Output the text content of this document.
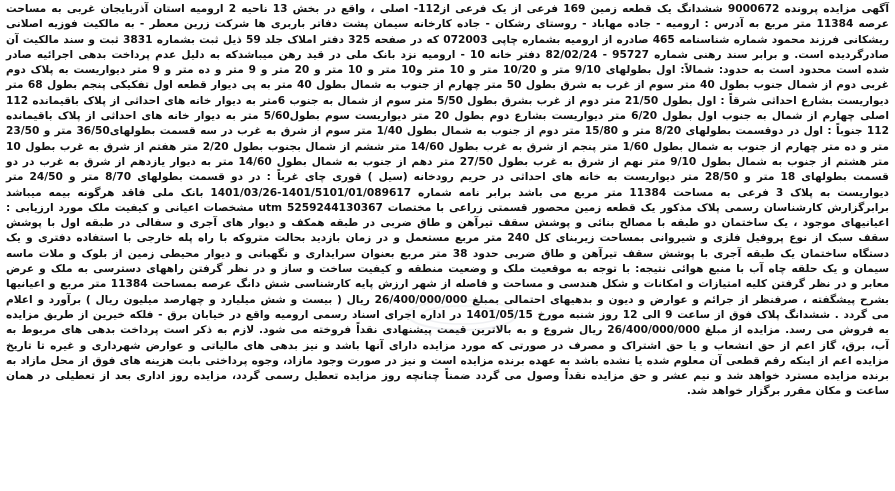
آگهی مزایده پرونده 9000672 ششدانگ یک قطعه زمین 169 فرعی از یک فرعی از112- اصلی ، واقع در بخش 13 ناحیه 2 ارومیه استان آذربایجان غربی به مساحت عرصه 11384 متر مربع به آدرس : ارومیه - جاده مهاباد - روستای رشکان - جاده کارخانه سیمان پشت دفاتر باربری ها شرکت زرین معطر - به مالکیت فوزیه اصلانی ریشکانی فرزند محمود شماره شناسنامه 465 صادره از ارومیه بشماره چاپی 072003 که در صفحه 325 دفتر املاک جلد 59 ذیل ثبت بشماره 3831 ثبت و سند مالکیت آن صادرگردیده است. و برابر سند رهنی شماره 95727 - 82/02/24 دفتر خانه 10 - ارومیه نزد بانک ملی در قید رهن میباشدکه به دلیل عدم پرداخت بدهی اجرائیه صادر شده است محدود است به حدود: شمالاً: اول بطولهای 9/10 متر و 10/20 متر و 10 متر و10 متر و 10 متر و 20 متر و 9 متر و ده متر و 9 متر دیواریست به پلاک دوم غربی دوم از شمال جنوب بطول 40 متر سوم از غرب به شرق بطول 50 متر چهارم از جنوب به شمال بطول 40 متر به پی دیوار قطعه اول تفکیکی پنجم بطول 68 متر دیواریست بشارع احداثی شرقاً : اول بطول 21/50 متر دوم از غرب بشرق بطول 5/50 متر سوم از شمال به جنوب 6متر به دیوار خانه های احداثی از پلاک باقیمانده 112 اصلی چهارم از شمال به جنوب اول بطول 6/20 متر دیواریست بشارع دوم بطول 20 متر دیواریست سوم بطول5/60 متر به دیوار خانه های احداثی از پلاک باقیمانده 112 جنوباً : اول در دوقسمت بطولهای 8/20 متر و 15/80 متر دوم از جنوب به شمال بطول 1/40 متر سوم از شرق به غرب در سه قسمت بطولهای36/50 متر و 23/50 متر و ده متر چهارم از جنوب به شمال بطول 1/60 متر پنجم از شرق به غرب بطول 14/60 متر ششم از شمال بجنوب بطول 2/20 متر هفتم از شرق به غرب بطول 10 متر هشتم از جنوب به شمال بطول 9/10 متر نهم از شرق به غرب بطول 27/50 متر دهم از جنوب به شمال بطول 14/60 متر به دیوار یازدهم از شرق به غرب در دو قسمت بطولهای 18 متر و 28/50 متر دیواریست به خانه های احداثی در حریم رودخانه (سیل ) قوری چای غرباً : در دو قسمت بطولهای 8/70 متر و 24/50 متر دیواریست به پلاک 3 فرعی به مساحت 11384 متر مربع می باشد برابر نامه شماره 1401/5101/01/089617-1401/03/26 بانک ملی فاقد هرگونه بیمه میباشد برابرگزارش کارشناسان رسمی پلاک مذکور یک قطعه زمین محصور قسمتی زراعی با مختصات utm 5259244130367 مشخصات اعیانی و کیفیت ملک مورد ارزیابی : اعیانیهای موجود ، یک ساختمان دو طبقه با مصالح بنائی و پوشش سقف تیرآهن و طاق ضربی در طبقه همکف و دیوار های آجری و سفالی در طبقه اول با پوشش سقف سبک از نوع پروفیل فلزی و شیروانی بمساحت زیربنای کل 240 متر مربع مستعمل و در زمان بازدید بحالت متروکه با راه پله خارجی با استفاده دفتری و یک دستگاه ساختمان یک طبقه آجری با پوشش سقف تیرآهن و طاق ضربی حدود 38 متر مربع بعنوان سرایداری و نگهبانی و دیوار محیطی زمین از بلوک و ملات ماسه سیمان و یک حلقه چاه آب با منبع هوائی نتیجه: با توجه به موقعیت ملک و وضعیت منطقه و کیفیت ساخت و ساز و در نظر گرفتن راههای دسترسی به ملک و عرض معابر و در نظر گرفتن کلیه امتیازات و امکانات و شکل هندسی و مساحت و فاصله از شهر ارزش پایه کارشناسی شش دانگ عرصه بمساحت 11384 متر مربع و اعیانیها بشرح پیشگفته ، صرفنظر از جرائم و عوارض و دیون و بدهیهای احتمالی بمبلغ 26/400/000/000 ریال ( بیست و شش میلیارد و چهارصد میلیون ریال ) برآورد و اعلام می گردد . ششدانگ پلاک فوق از ساعت 9 الی 12 روز شنبه مورخ 1401/05/15 در اداره اجرای اسناد رسمی ارومیه واقع در خیابان برق - فلکه خیرین از طریق مزایده به فروش می رسد. مزایده از مبلغ 26/400/000/000 ریال شروع و به بالاترین قیمت پیشنهادی نقداً فروخته می شود. لازم به ذکر است پرداخت بدهی های مربوط به آب، برق، گاز اعم از حق انشعاب و یا حق اشتراک و مصرف در صورتی که مورد مزایده دارای آنها باشد و نیز بدهی های مالیاتی و عوارض شهرداری و غیره تا تاریخ مزایده اعم از اینکه رقم قطعی آن معلوم شده یا نشده باشد به عهده برنده مزایده است و نیز در صورت وجود مازاد، وجوه پرداختی بابت هزینه های فوق از محل مازاد به برنده مزایده مسترد خواهد شد و نیم عشر و حق مزایده نقداً وصول می گردد ضمناً چنانچه روز مزایده تعطیل رسمی گردد، مزایده روز اداری بعد از تعطیلی در همان ساعت و مکان مقرر برگزار خواهد شد.
